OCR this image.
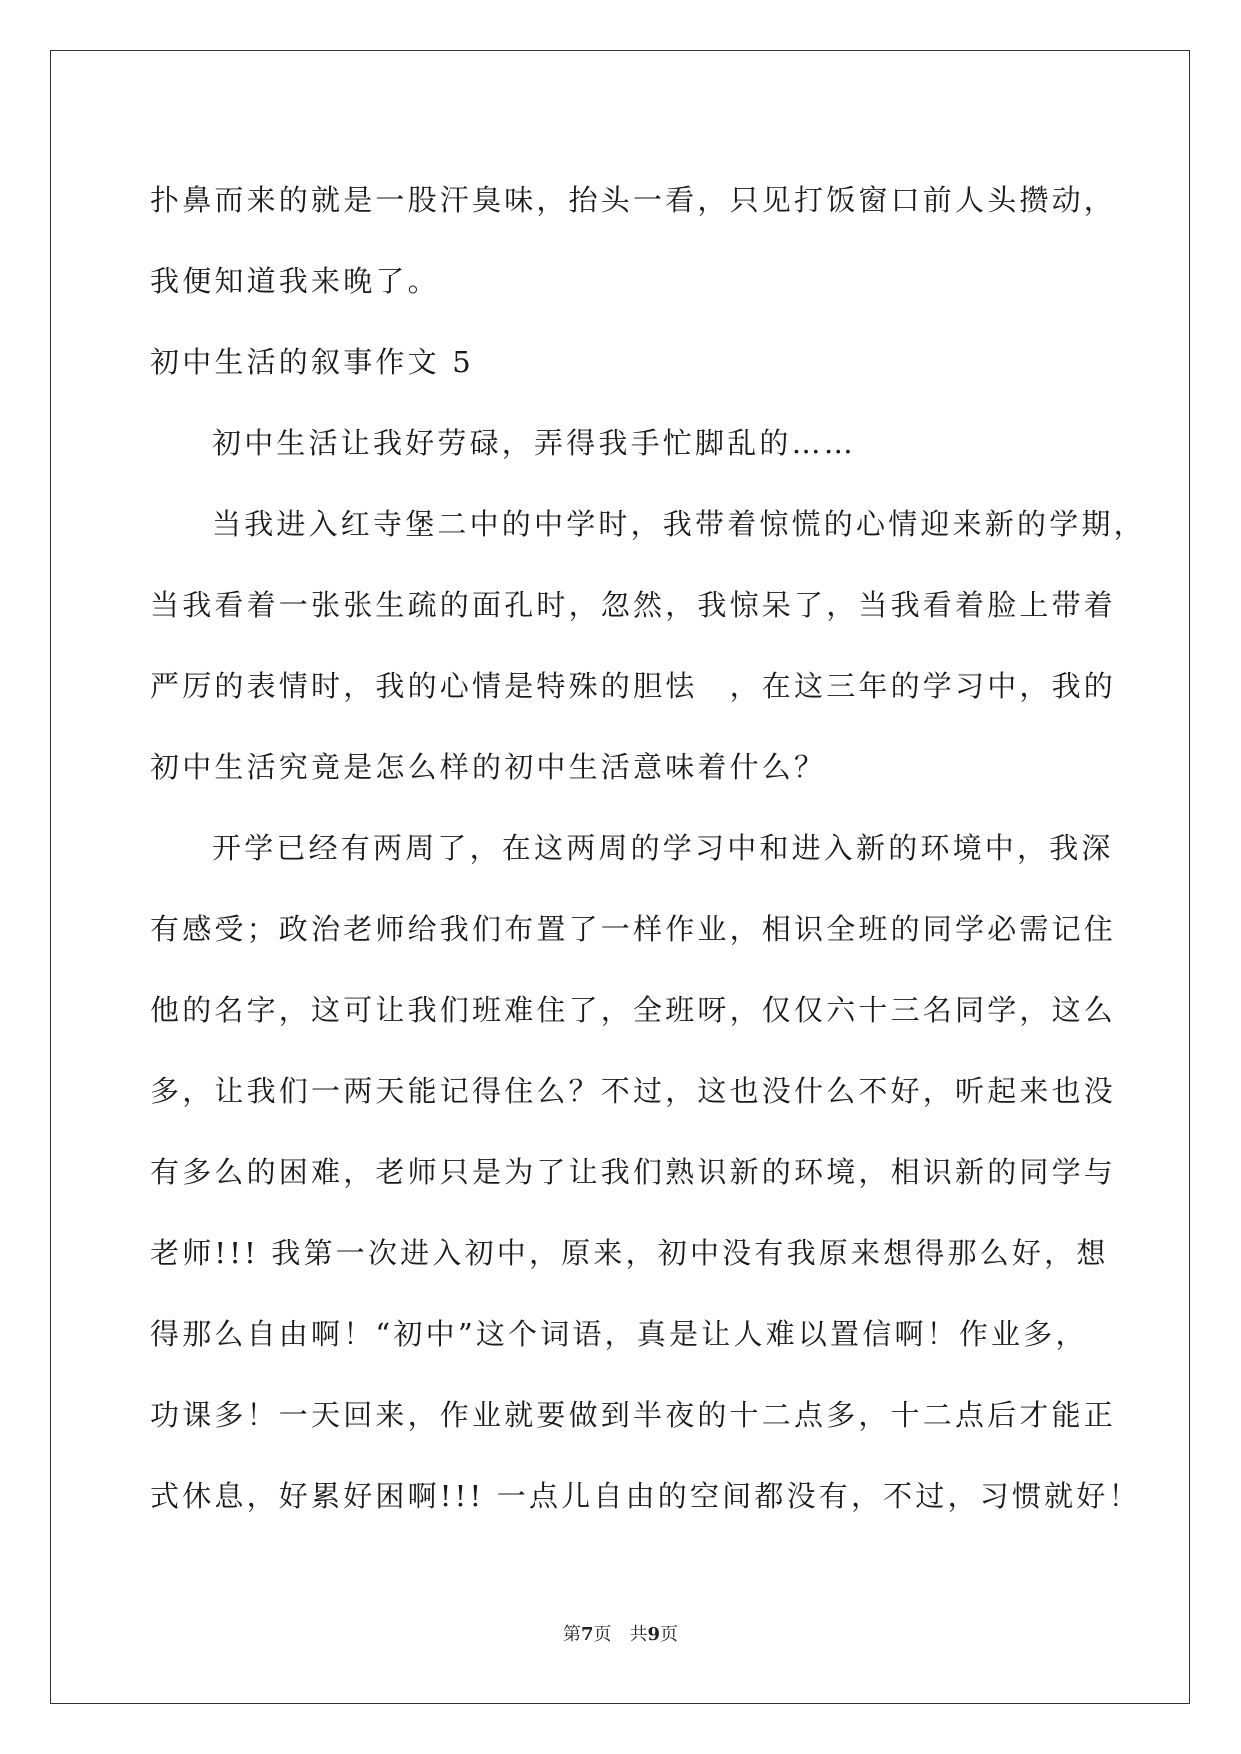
扑鼻而来的就是一股汗臭味，抬头一看，只见打饭窗口前人头攒动，
我便知道我来晚了。
初中生活的叙事作文 5
初中生活让我好劳碌，弄得我手忙脚乱的……
当我进入红寺堡二中的中学时，我带着惊慌的心情迎来新的学期，
当我看着一张张生疏的面孔时，忽然，我惊呆了，当我看着脸上带着
严厉的表情时，我的心情是特殊的胆怯　，在这三年的学习中，我的
初中生活究竟是怎么样的初中生活意味着什么？
开学已经有两周了，在这两周的学习中和进入新的环境中，我深
有感受；政治老师给我们布置了一样作业，相识全班的同学必需记住
他的名字，这可让我们班难住了，全班呀，仅仅六十三名同学，这么
多，让我们一两天能记得住么？不过，这也没什么不好，听起来也没
有多么的困难，老师只是为了让我们熟识新的环境，相识新的同学与
老师!!! 我第一次进入初中，原来，初中没有我原来想得那么好，想
得那么自由啊！“初中”这个词语，真是让人难以置信啊！作业多，
功课多！一天回来，作业就要做到半夜的十二点多，十二点后才能正
式休息，好累好困啊!!! 一点儿自由的空间都没有，不过，习惯就好！
第7页　共9页
